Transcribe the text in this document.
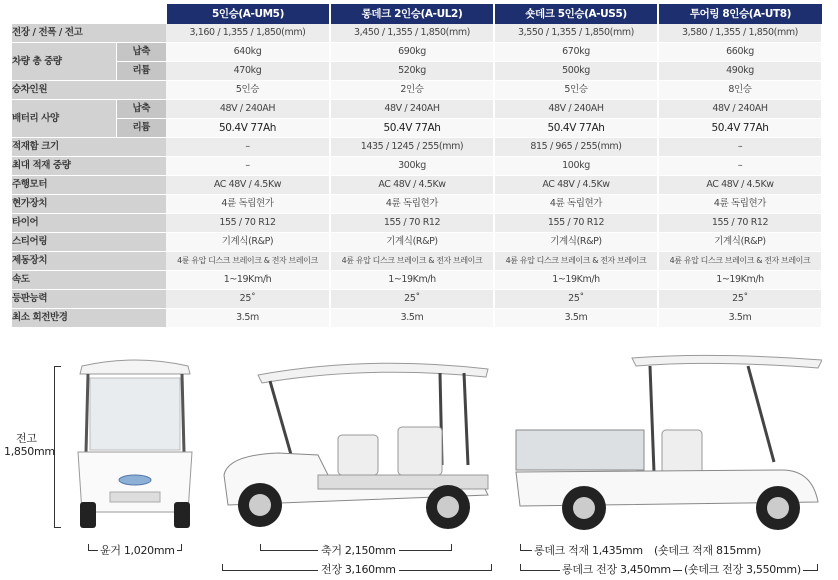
		5인승(A-UM5)	롱데크 2인승(A-UL2)	숏데크 5인승(A-US5)	투어링 8인승(A-UT8)
전장 / 전폭 / 전고		3,160 / 1,355 / 1,850(mm)	3,450 / 1,355 / 1,850(mm)	3,550 / 1,355 / 1,850(mm)	3,580 / 1,355 / 1,850(mm)
차량 총 중량	납축	640kg	690kg	670kg	660kg
	리튬	470kg	520kg	500kg	490kg
승차인원		5인승	2인승	5인승	8인승
배터리 사양	납축	48V / 240AH	48V / 240AH	48V / 240AH	48V / 240AH
	리튬	50.4V 77Ah	50.4V 77Ah	50.4V 77Ah	50.4V 77Ah
적재함 크기		–	1435 / 1245 / 255(mm)	815 / 965 / 255(mm)	–
최대 적재 중량		–	300kg	100kg	–
주행모터		AC 48V / 4.5Kw	AC 48V / 4.5Kw	AC 48V / 4.5Kw	AC 48V / 4.5Kw
현가장치		4륜 독립현가	4륜 독립현가	4륜 독립현가	4륜 독립현가
타이어		155 / 70 R12	155 / 70 R12	155 / 70 R12	155 / 70 R12
스티어링		기계식(R&P)	기계식(R&P)	기계식(R&P)	기계식(R&P)
제동장치		4륜 유압 디스크 브레이크 & 전자 브레이크	4륜 유압 디스크 브레이크 & 전자 브레이크	4륜 유압 디스크 브레이크 & 전자 브레이크	4륜 유압 디스크 브레이크 & 전자 브레이크
속도		1~19Km/h	1~19Km/h	1~19Km/h	1~19Km/h
등판능력		25˚	25˚	25˚	25˚
최소 회전반경		3.5m	3.5m	3.5m	3.5m
전고
1,850mm
윤거 1,020mm	축거 2,150mm
전장 3,160mm
롱데크 적재 1,435mm (숏데크 적재 815mm)
롱데크 전장 3,450mm (숏데크 전장 3,550mm)
